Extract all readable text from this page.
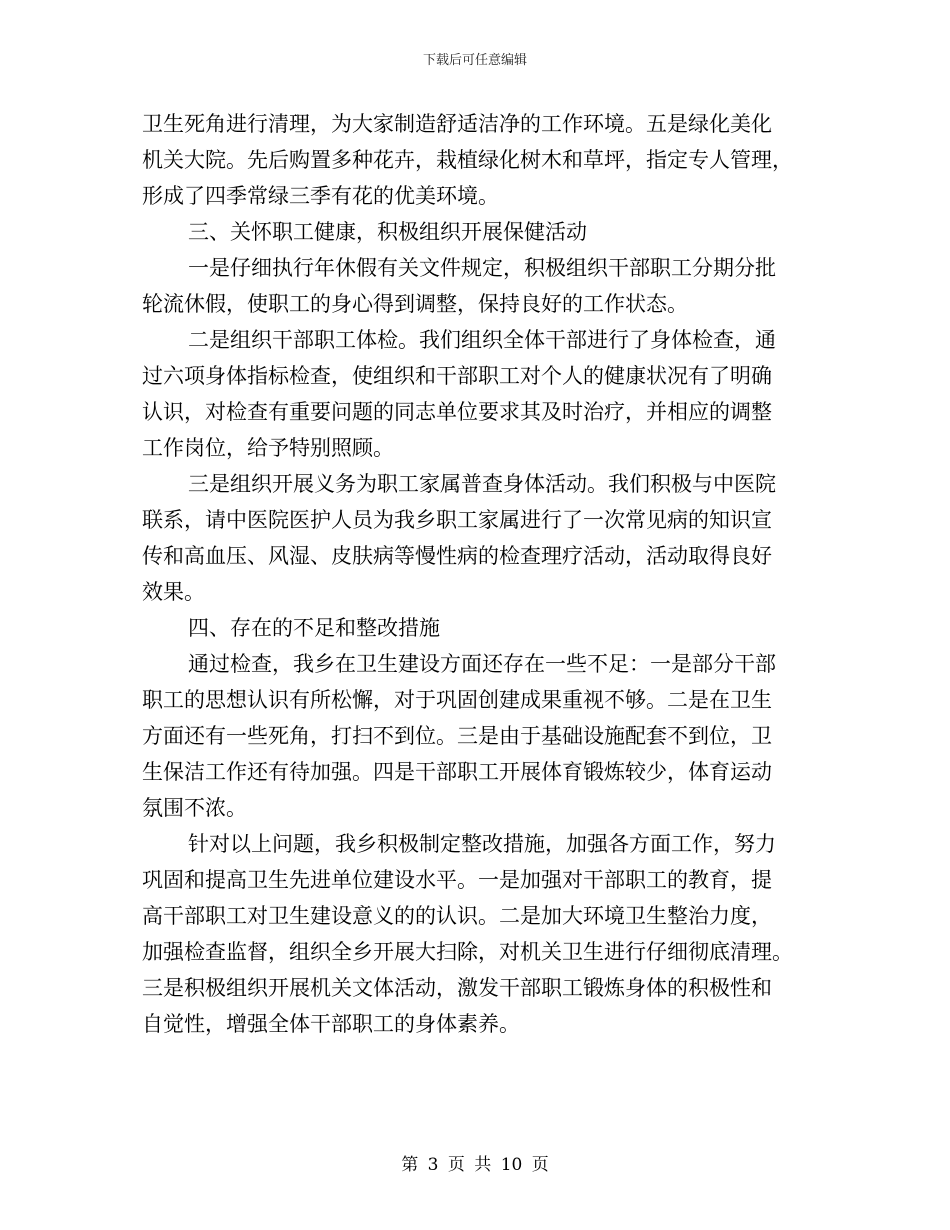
下载后可任意编辑
卫生死角进行清理，为大家制造舒适洁净的工作环境。五是绿化美化
机关大院。先后购置多种花卉，栽植绿化树木和草坪，指定专人管理，
形成了四季常绿三季有花的优美环境。
三、关怀职工健康，积极组织开展保健活动
一是仔细执行年休假有关文件规定，积极组织干部职工分期分批
轮流休假，使职工的身心得到调整，保持良好的工作状态。
二是组织干部职工体检。我们组织全体干部进行了身体检查，通
过六项身体指标检查，使组织和干部职工对个人的健康状况有了明确
认识，对检查有重要问题的同志单位要求其及时治疗，并相应的调整
工作岗位，给予特别照顾。
三是组织开展义务为职工家属普查身体活动。我们积极与中医院
联系，请中医院医护人员为我乡职工家属进行了一次常见病的知识宣
传和高血压、风湿、皮肤病等慢性病的检查理疗活动，活动取得良好
效果。
四、存在的不足和整改措施
通过检查，我乡在卫生建设方面还存在一些不足：一是部分干部
职工的思想认识有所松懈，对于巩固创建成果重视不够。二是在卫生
方面还有一些死角，打扫不到位。三是由于基础设施配套不到位，卫
生保洁工作还有待加强。四是干部职工开展体育锻炼较少，体育运动
氛围不浓。
针对以上问题，我乡积极制定整改措施，加强各方面工作，努力
巩固和提高卫生先进单位建设水平。一是加强对干部职工的教育，提
高干部职工对卫生建设意义的的认识。二是加大环境卫生整治力度，
加强检查监督，组织全乡开展大扫除，对机关卫生进行仔细彻底清理。
三是积极组织开展机关文体活动，激发干部职工锻炼身体的积极性和
自觉性，增强全体干部职工的身体素养。
第 3 页 共 10 页
